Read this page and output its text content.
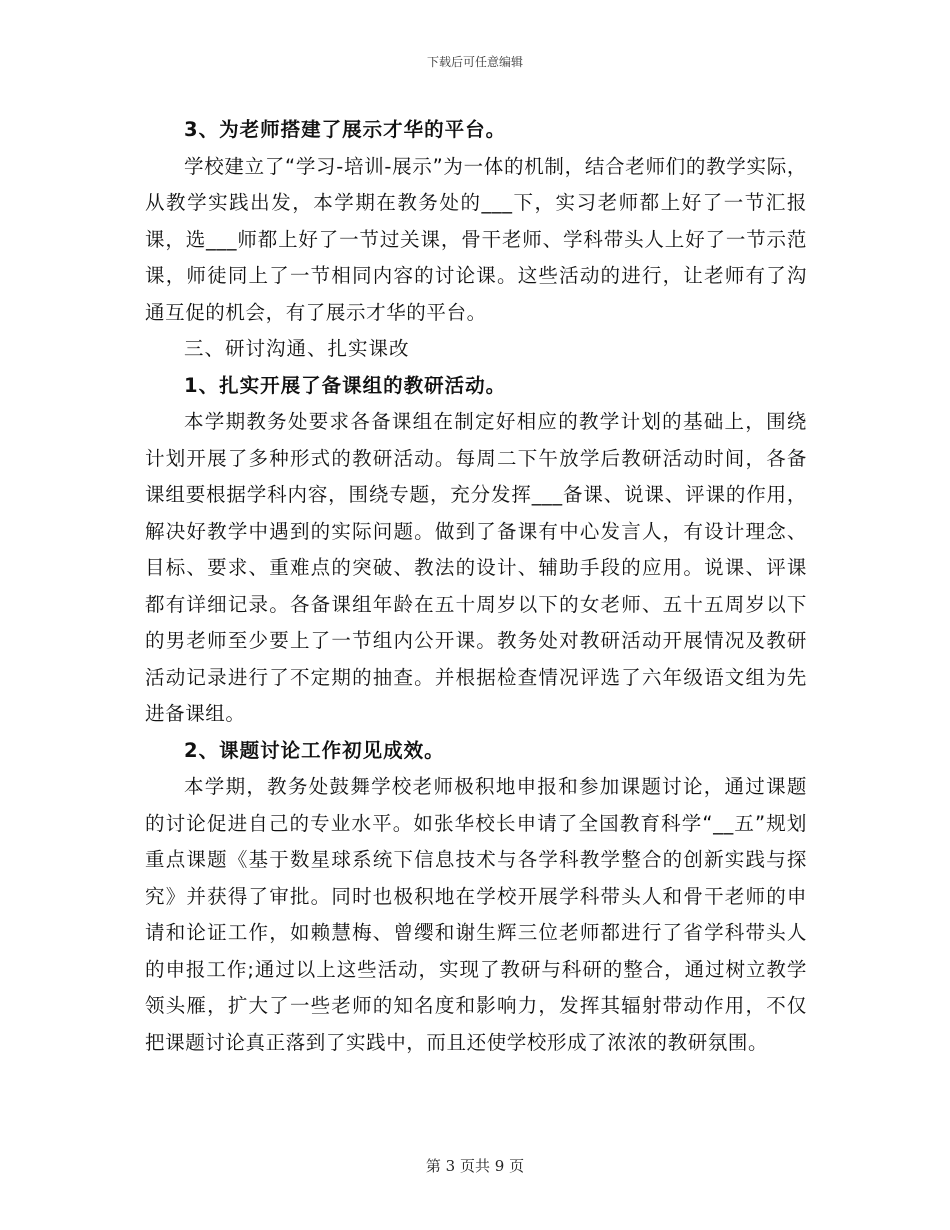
下载后可任意编辑

3、为老师搭建了展示才华的平台。

学校建立了“学习-培训-展示”为一体的机制，结合老师们的教学实际，从教学实践出发，本学期在教务处的___下，实习老师都上好了一节汇报课，选___师都上好了一节过关课，骨干老师、学科带头人上好了一节示范课，师徒同上了一节相同内容的讨论课。这些活动的进行，让老师有了沟通互促的机会，有了展示才华的平台。

三、研讨沟通、扎实课改

1、扎实开展了备课组的教研活动。

本学期教务处要求各备课组在制定好相应的教学计划的基础上，围绕计划开展了多种形式的教研活动。每周二下午放学后教研活动时间，各备课组要根据学科内容，围绕专题，充分发挥___备课、说课、评课的作用，解决好教学中遇到的实际问题。做到了备课有中心发言人，有设计理念、目标、要求、重难点的突破、教法的设计、辅助手段的应用。说课、评课都有详细记录。各备课组年龄在五十周岁以下的女老师、五十五周岁以下的男老师至少要上了一节组内公开课。教务处对教研活动开展情况及教研活动记录进行了不定期的抽查。并根据检查情况评选了六年级语文组为先进备课组。

2、课题讨论工作初见成效。

本学期，教务处鼓舞学校老师极积地申报和参加课题讨论，通过课题的讨论促进自己的专业水平。如张华校长申请了全国教育科学“__五”规划重点课题《基于数星球系统下信息技术与各学科教学整合的创新实践与探究》并获得了审批。同时也极积地在学校开展学科带头人和骨干老师的申请和论证工作，如赖慧梅、曾缨和谢生辉三位老师都进行了省学科带头人的申报工作;通过以上这些活动，实现了教研与科研的整合，通过树立教学领头雁，扩大了一些老师的知名度和影响力，发挥其辐射带动作用，不仅把课题讨论真正落到了实践中，而且还使学校形成了浓浓的教研氛围。

第 3 页共 9 页
